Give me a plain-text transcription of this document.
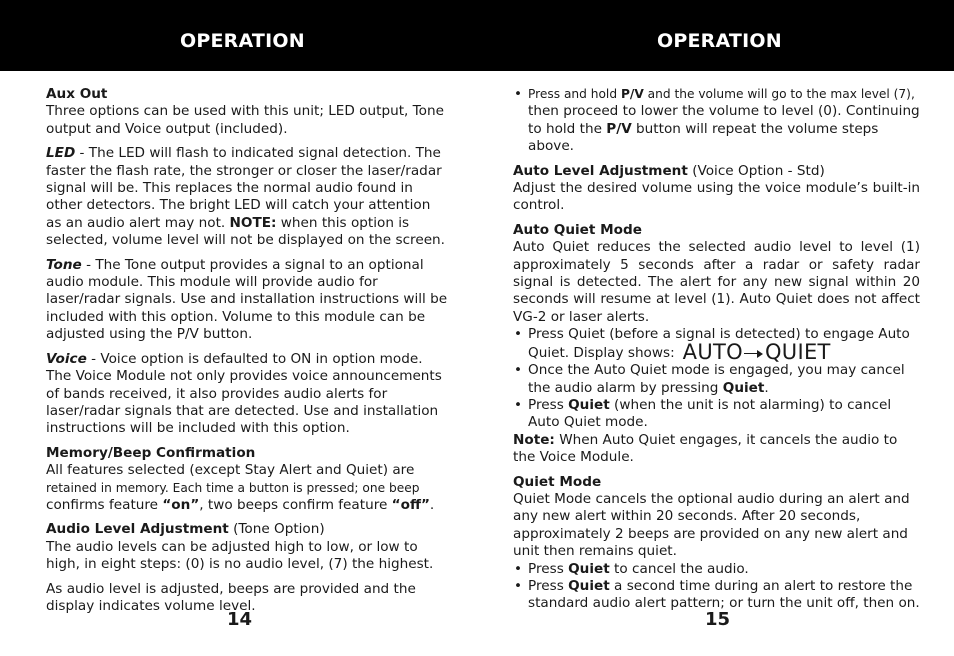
OPERATION	OPERATION

Aux Out

Three options can be used with this unit; LED output, Tone output and Voice output (included).

LED - The LED will flash to indicated signal detection. The faster the flash rate, the stronger or closer the laser/radar signal will be. This replaces the normal audio found in other detectors. The bright LED will catch your attention as an audio alert may not. NOTE: when this option is selected, volume level will not be displayed on the screen.

Tone - The Tone output provides a signal to an optional audio module. This module will provide audio for laser/radar signals. Use and installation instructions will be included with this option. Volume to this module can be adjusted using the P/V button.

Voice - Voice option is defaulted to ON in option mode. The Voice Module not only provides voice announcements of bands received, it also provides audio alerts for laser/radar signals that are detected. Use and installation instructions will be included with this option.

Memory/Beep Confirmation

All features selected (except Stay Alert and Quiet) are

retained in memory. Each time a button is pressed; one beep

confirms feature “on”, two beeps confirm feature “off”.

Audio Level Adjustment (Tone Option)

The audio levels can be adjusted high to low, or low to high, in eight steps: (0) is no audio level, (7) the highest.

As audio level is adjusted, beeps are provided and the display indicates volume level.

14
• Press and hold P/V and the volume will go to the max level (7),
then proceed to lower the volume to level (0). Continuing to hold the P/V button will repeat the volume steps above.

Auto Level Adjustment (Voice Option - Std)

Adjust the desired volume using the voice module’s built-in control.

Auto Quiet Mode

Auto Quiet reduces the selected audio level to level (1) approximately 5 seconds after a radar or safety radar signal is detected. The alert for any new signal within 20 seconds will resume at level (1). Auto Quiet does not affect VG-2 or laser alerts.

• Press Quiet (before a signal is detected) to engage Auto Quiet. Display shows: AUTO QUIET
• Once the Auto Quiet mode is engaged, you may cancel the audio alarm by pressing Quiet.
• Press Quiet (when the unit is not alarming) to cancel Auto Quiet mode.

Note: When Auto Quiet engages, it cancels the audio to the Voice Module.

Quiet Mode

Quiet Mode cancels the optional audio during an alert and any new alert within 20 seconds. After 20 seconds, approximately 2 beeps are provided on any new alert and unit then remains quiet.

• Press Quiet to cancel the audio.
• Press Quiet a second time during an alert to restore the standard audio alert pattern; or turn the unit off, then on.
15
